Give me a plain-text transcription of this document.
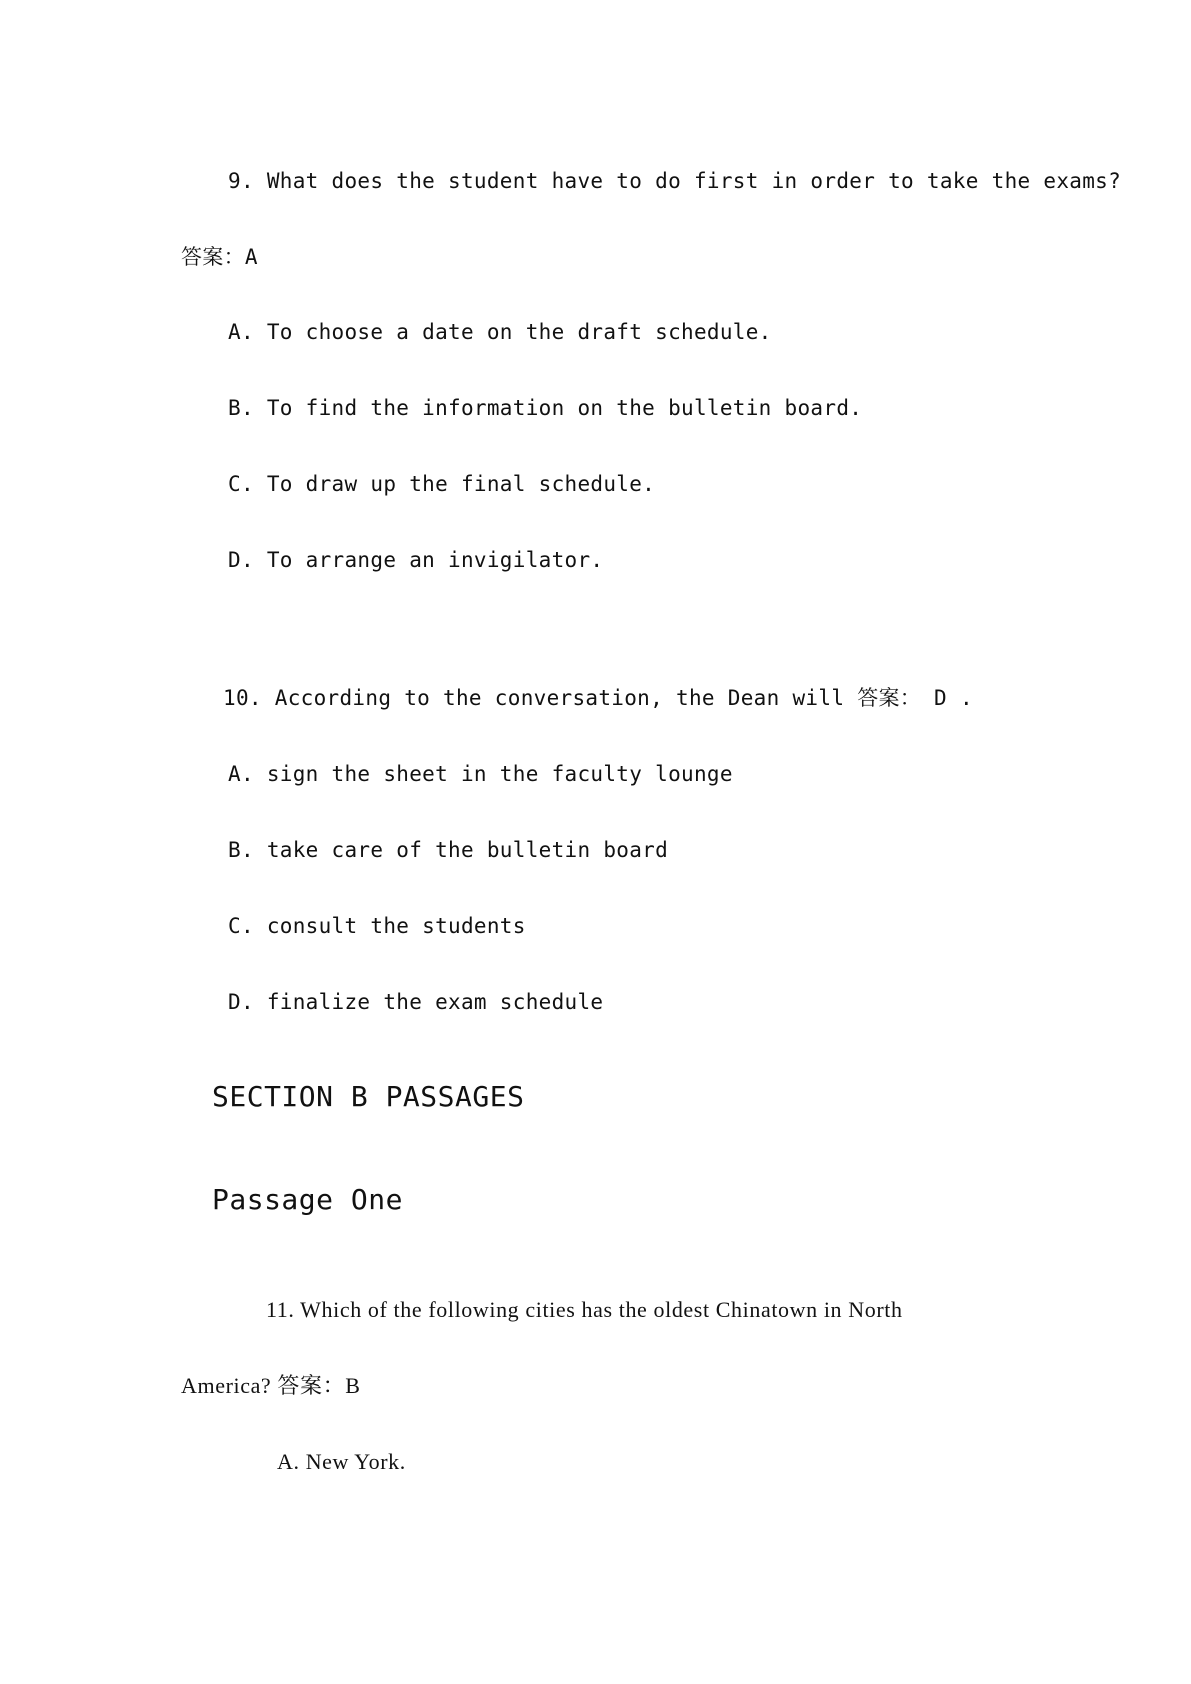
9. What does the student have to do first in order to take the exams?
答案：A
A. To choose a date on the draft schedule.
B. To find the information on the bulletin board.
C. To draw up the final schedule.
D. To arrange an invigilator.
10. According to the conversation, the Dean will 答案： D .
A. sign the sheet in the faculty lounge
B. take care of the bulletin board
C. consult the students
D. finalize the exam schedule
SECTION B PASSAGES
Passage One
11. Which of the following cities has the oldest Chinatown in North
America? 答案：B
A. New York.
